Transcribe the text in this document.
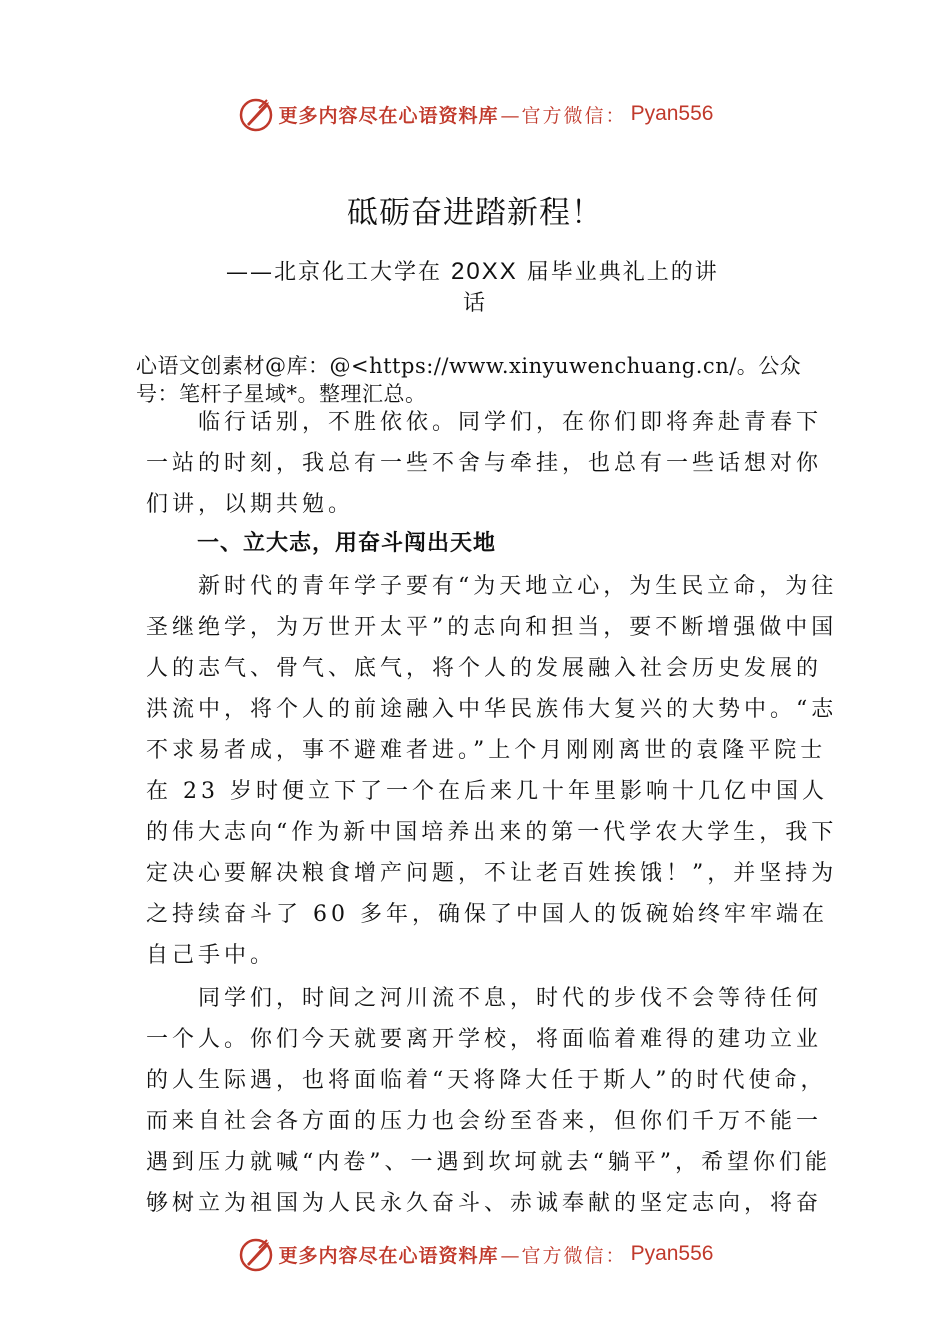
更多内容尽在心语资料库 —官方微信： Pyan556
砥砺奋进踏新程！
——北京化工大学在 20XX 届毕业典礼上的讲
话
心语文创素材@库：@<https://www.xinyuwenchuang.cn/。公众
号：笔杆子星域*。整理汇总。
　　临行话别，不胜依依。同学们，在你们即将奔赴青春下
一站的时刻，我总有一些不舍与牵挂，也总有一些话想对你
们讲，以期共勉。
一、立大志，用奋斗闯出天地
　　新时代的青年学子要有“为天地立心，为生民立命，为往
圣继绝学，为万世开太平”的志向和担当，要不断增强做中国
人的志气、骨气、底气，将个人的发展融入社会历史发展的
洪流中，将个人的前途融入中华民族伟大复兴的大势中。“志
不求易者成，事不避难者进。”上个月刚刚离世的袁隆平院士
在 23 岁时便立下了一个在后来几十年里影响十几亿中国人
的伟大志向“作为新中国培养出来的第一代学农大学生，我下
定决心要解决粮食增产问题，不让老百姓挨饿！”，并坚持为
之持续奋斗了 60 多年，确保了中国人的饭碗始终牢牢端在
自己手中。
　　同学们，时间之河川流不息，时代的步伐不会等待任何
一个人。你们今天就要离开学校，将面临着难得的建功立业
的人生际遇，也将面临着“天将降大任于斯人”的时代使命，
而来自社会各方面的压力也会纷至沓来，但你们千万不能一
遇到压力就喊“内卷”、一遇到坎坷就去“躺平”，希望你们能
够树立为祖国为人民永久奋斗、赤诚奉献的坚定志向，将奋
更多内容尽在心语资料库 —官方微信： Pyan556
